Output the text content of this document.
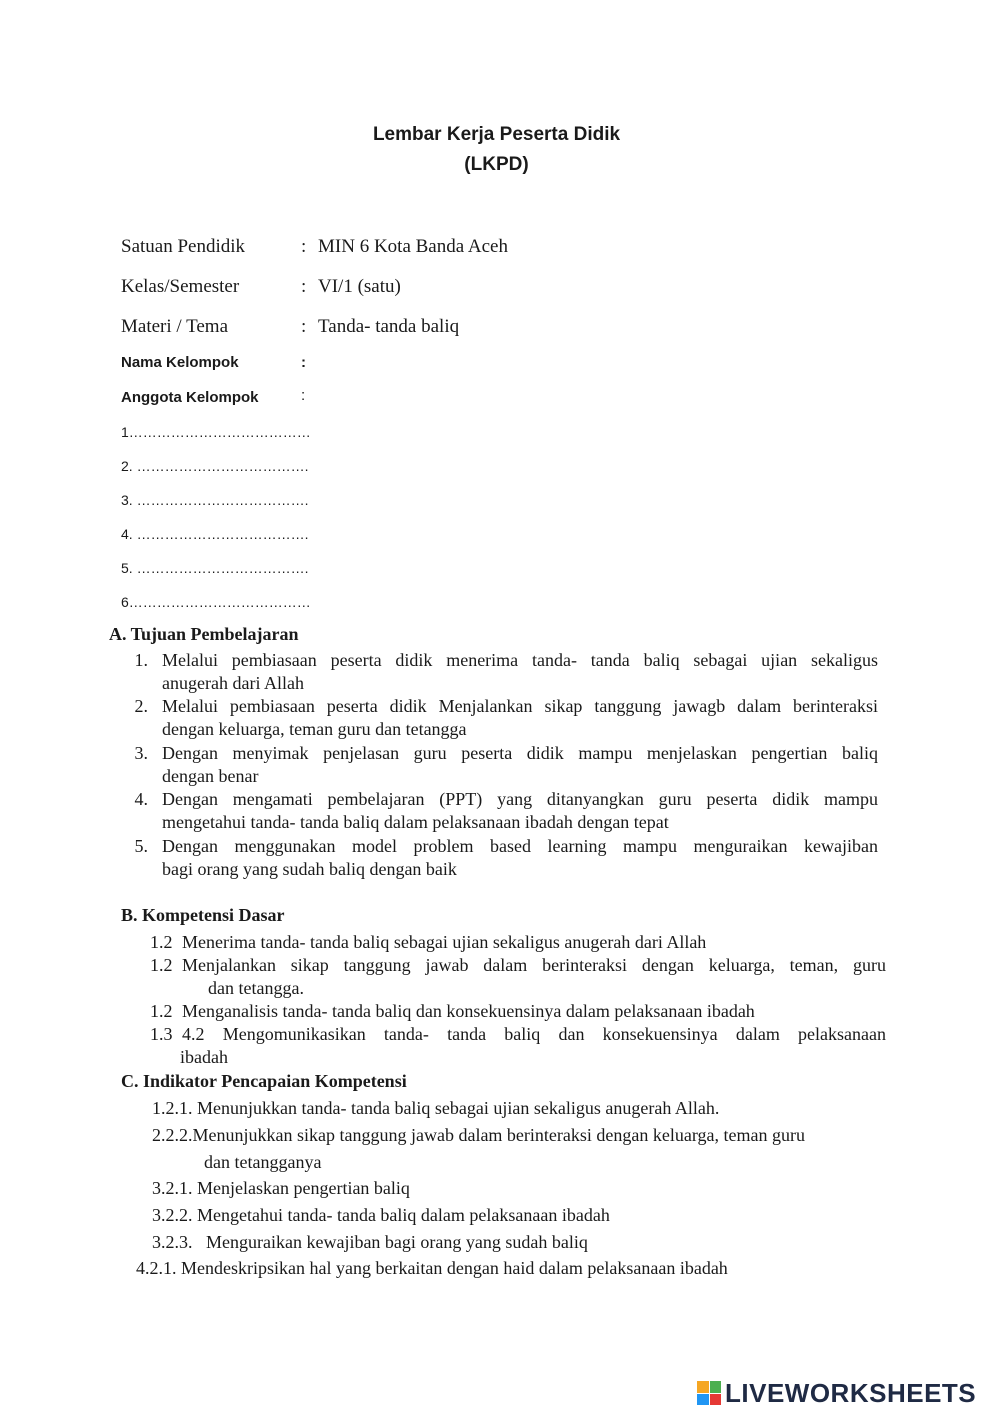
Lembar Kerja Peserta Didik
(LKPD)
Satuan Pendidik	: MIN 6 Kota Banda Aceh
Kelas/Semester	: VI/1 (satu)
Materi / Tema	: Tanda- tanda baliq
Nama Kelompok	:
Anggota Kelompok	:
1…………………………………
2. ……………………………….
3. ……………………………….
4. ……………………………….
5. ……………………………….
6…………………………………
A. Tujuan Pembelajaran
1. Melalui pembiasaan peserta didik menerima tanda- tanda baliq sebagai ujian sekaligus
anugerah dari Allah
2. Melalui pembiasaan peserta didik Menjalankan sikap tanggung jawagb dalam berinteraksi
dengan keluarga, teman guru dan tetangga
3. Dengan menyimak penjelasan guru peserta didik mampu menjelaskan pengertian baliq
dengan benar
4. Dengan mengamati pembelajaran (PPT) yang ditanyangkan guru peserta didik mampu
mengetahui tanda- tanda baliq dalam pelaksanaan ibadah dengan tepat
5. Dengan menggunakan model problem based learning mampu menguraikan kewajiban
bagi orang yang sudah baliq dengan baik
B. Kompetensi Dasar
1.2 Menerima tanda- tanda baliq sebagai ujian sekaligus anugerah dari Allah
1.2 Menjalankan sikap tanggung jawab dalam berinteraksi dengan keluarga, teman, guru
dan tetangga.
1.2 Menganalisis tanda- tanda baliq dan konsekuensinya dalam pelaksanaan ibadah
1.3 4.2 Mengomunikasikan tanda- tanda baliq dan konsekuensinya dalam pelaksanaan
ibadah
C. Indikator Pencapaian Kompetensi
1.2.1. Menunjukkan tanda- tanda baliq sebagai ujian sekaligus anugerah Allah.
2.2.2.Menunjukkan sikap tanggung jawab dalam berinteraksi dengan keluarga, teman guru
dan tetangganya
3.2.1. Menjelaskan pengertian baliq
3.2.2. Mengetahui tanda- tanda baliq dalam pelaksanaan ibadah
3.2.3.   Menguraikan kewajiban bagi orang yang sudah baliq
4.2.1. Mendeskripsikan hal yang berkaitan dengan haid dalam pelaksanaan ibadah
LIVEWORKSHEETS
